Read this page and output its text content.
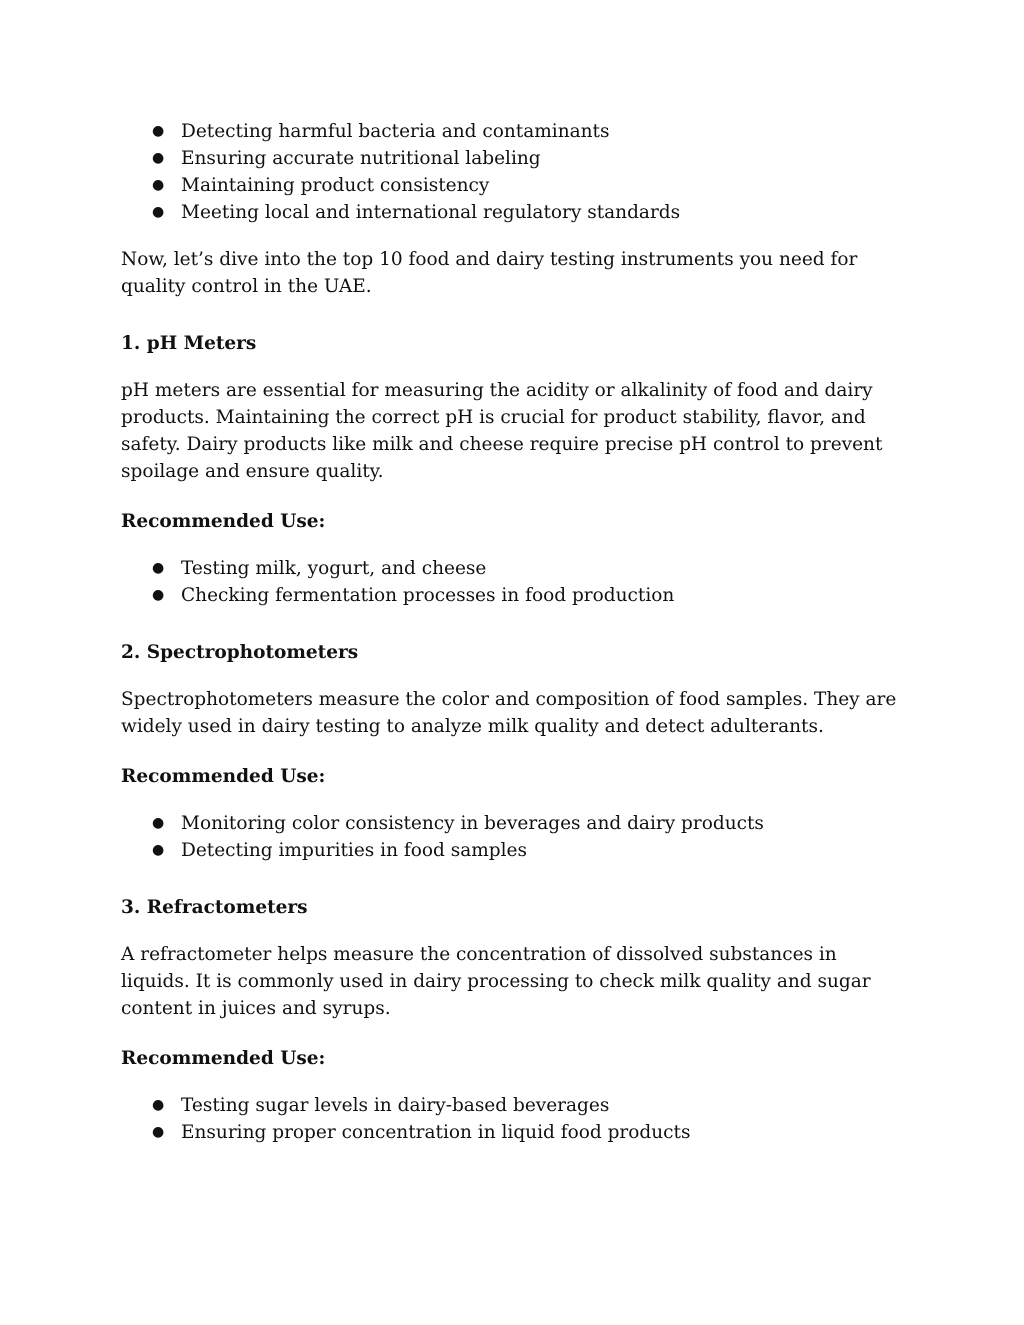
● Detecting harmful bacteria and contaminants
● Ensuring accurate nutritional labeling
● Maintaining product consistency
● Meeting local and international regulatory standards

Now, let’s dive into the top 10 food and dairy testing instruments you need for quality control in the UAE.

1. pH Meters

pH meters are essential for measuring the acidity or alkalinity of food and dairy products. Maintaining the correct pH is crucial for product stability, flavor, and safety. Dairy products like milk and cheese require precise pH control to prevent spoilage and ensure quality.

Recommended Use:

● Testing milk, yogurt, and cheese
● Checking fermentation processes in food production
2. Spectrophotometers

Spectrophotometers measure the color and composition of food samples. They are widely used in dairy testing to analyze milk quality and detect adulterants.

Recommended Use:

● Monitoring color consistency in beverages and dairy products
● Detecting impurities in food samples
3. Refractometers

A refractometer helps measure the concentration of dissolved substances in liquids. It is commonly used in dairy processing to check milk quality and sugar content in juices and syrups.

Recommended Use:

● Testing sugar levels in dairy-based beverages
● Ensuring proper concentration in liquid food products
